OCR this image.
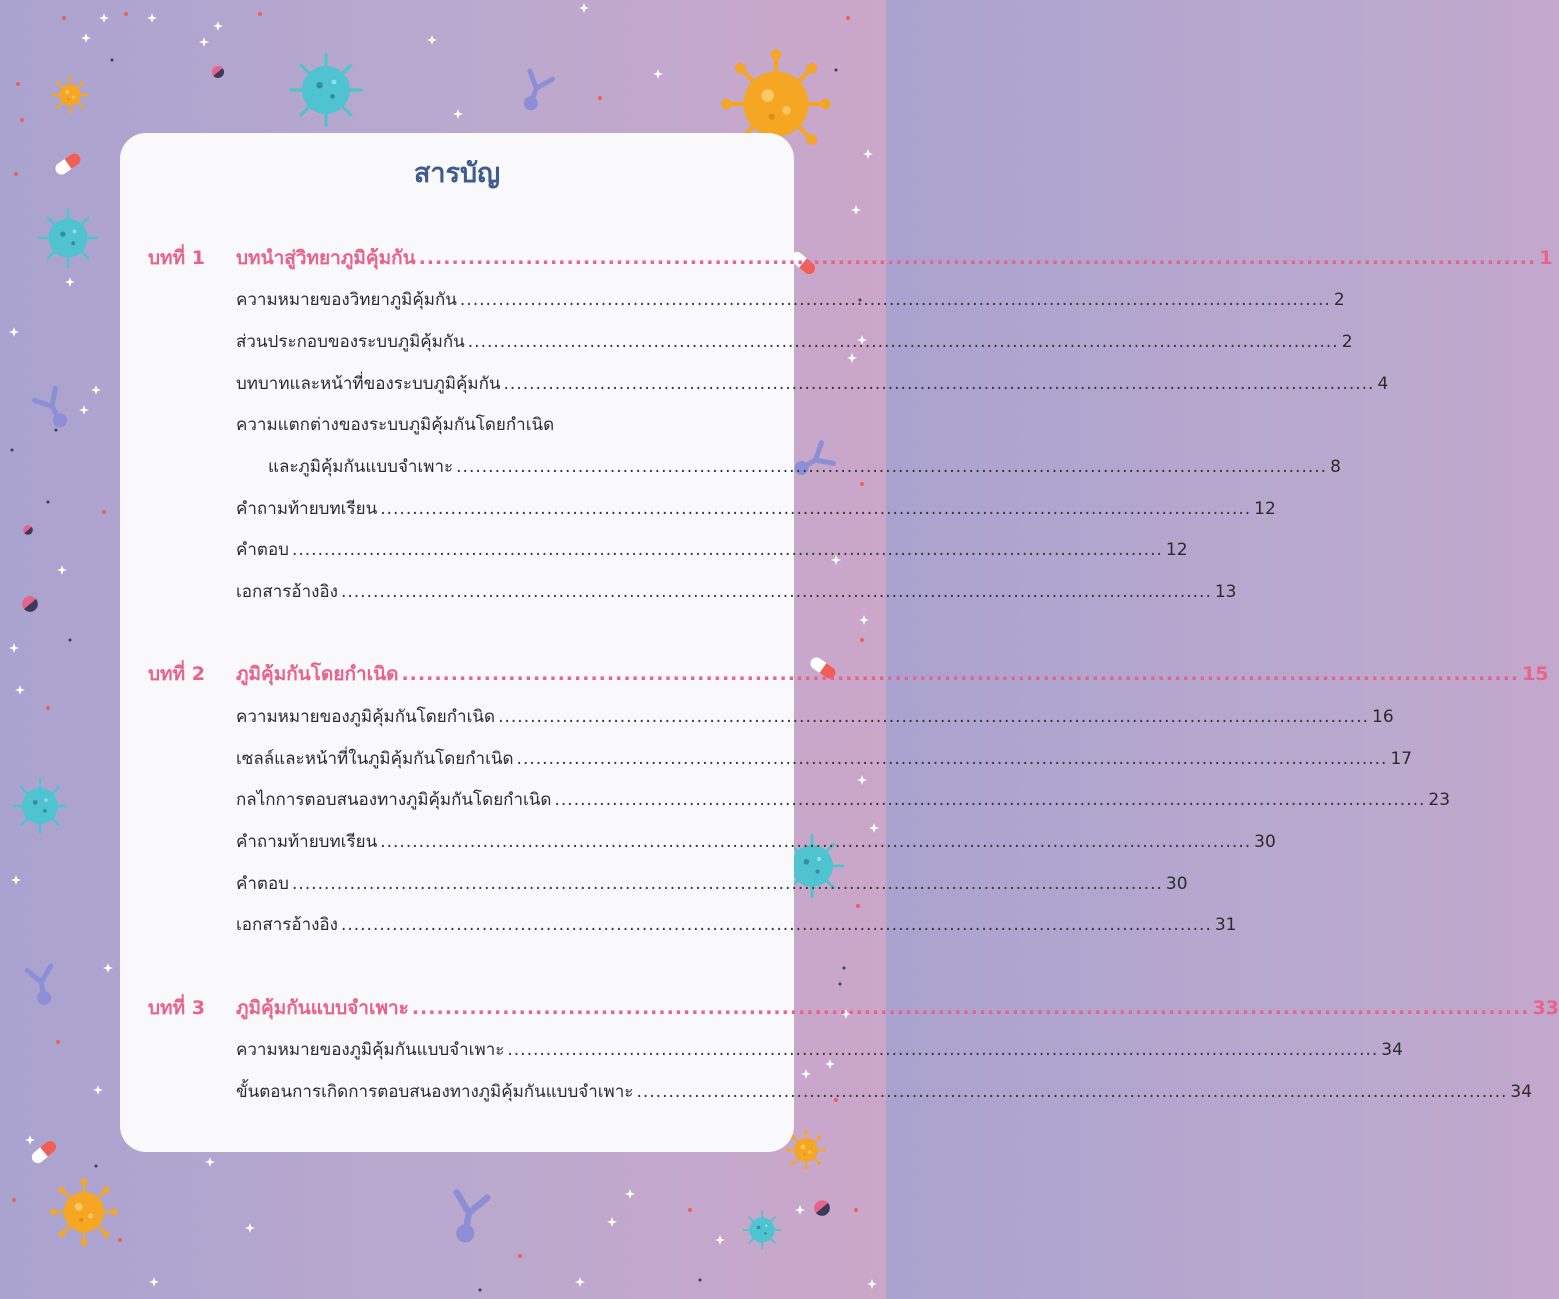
สารบัญ
บทที่ 1 บทนำสู่วิทยาภูมิคุ้มกัน ........................................................................................................................................ 1
ความหมายของวิทยาภูมิคุ้มกัน ........................................................................................................................................ 2
ส่วนประกอบของระบบภูมิคุ้มกัน ........................................................................................................................................ 2
บทบาทและหน้าที่ของระบบภูมิคุ้มกัน ........................................................................................................................................ 4
ความแตกต่างของระบบภูมิคุ้มกันโดยกำเนิด
และภูมิคุ้มกันแบบจำเพาะ ........................................................................................................................................ 8
คำถามท้ายบทเรียน ........................................................................................................................................ 12
คำตอบ ........................................................................................................................................ 12
เอกสารอ้างอิง ........................................................................................................................................ 13
บทที่ 2 ภูมิคุ้มกันโดยกำเนิด ........................................................................................................................................ 15
ความหมายของภูมิคุ้มกันโดยกำเนิด ........................................................................................................................................ 16
เซลล์และหน้าที่ในภูมิคุ้มกันโดยกำเนิด ........................................................................................................................................ 17
กลไกการตอบสนองทางภูมิคุ้มกันโดยกำเนิด ........................................................................................................................................ 23
คำถามท้ายบทเรียน ........................................................................................................................................ 30
คำตอบ ........................................................................................................................................ 30
เอกสารอ้างอิง ........................................................................................................................................ 31
บทที่ 3 ภูมิคุ้มกันแบบจำเพาะ ........................................................................................................................................ 33
ความหมายของภูมิคุ้มกันแบบจำเพาะ ........................................................................................................................................ 34
ขั้นตอนการเกิดการตอบสนองทางภูมิคุ้มกันแบบจำเพาะ ........................................................................................................................................ 34
